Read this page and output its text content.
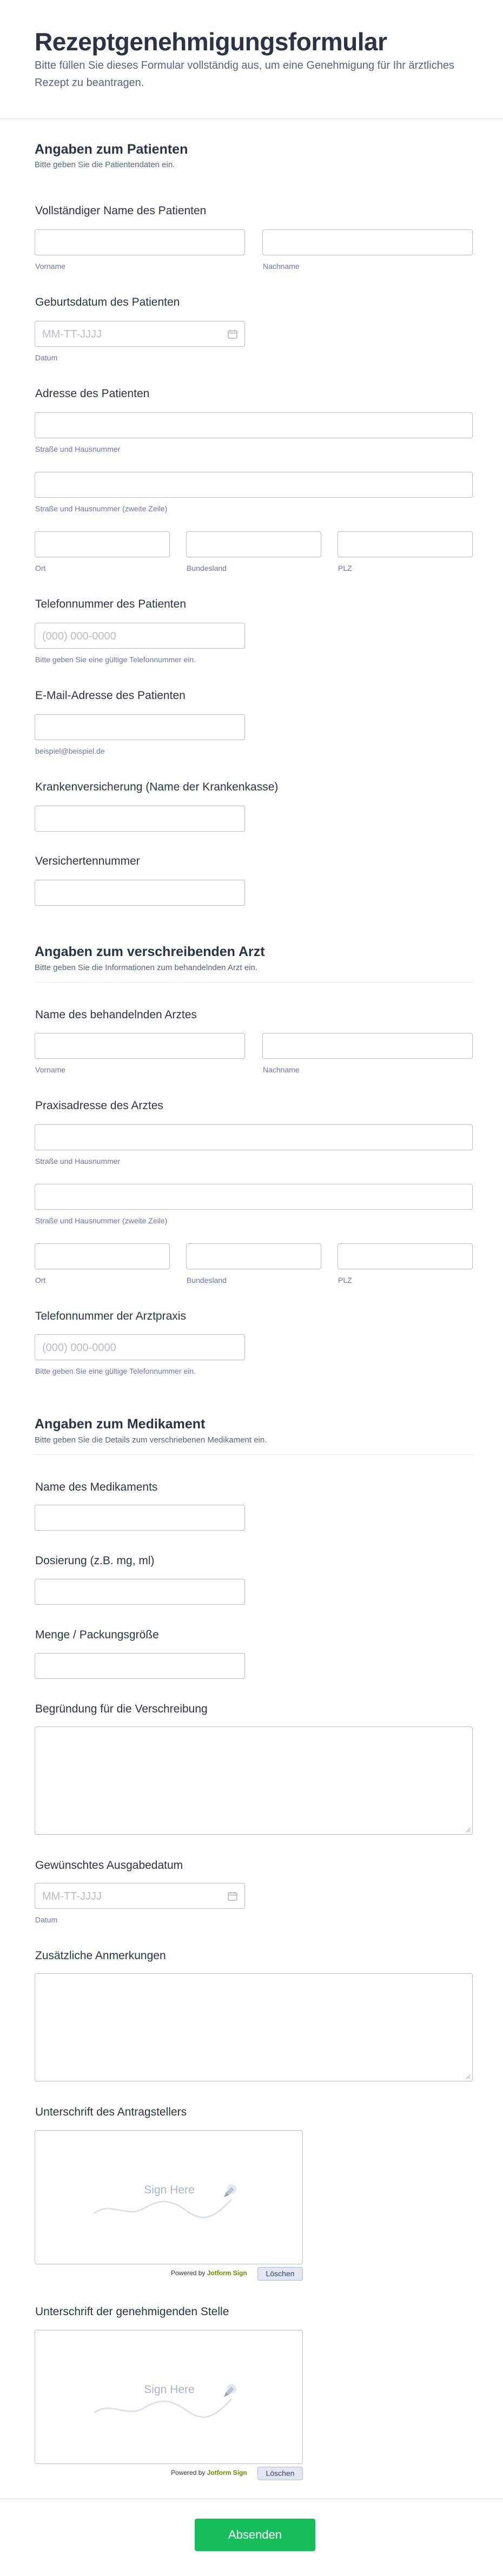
Rezeptgenehmigungsformular
Bitte füllen Sie dieses Formular vollständig aus, um eine Genehmigung für Ihr ärztliches Rezept zu beantragen.
Angaben zum Patienten
Bitte geben Sie die Patientendaten ein.
Vollständiger Name des Patienten
Vorname	Nachname
Geburtsdatum des Patienten
MM-TT-JJJJ
Datum
Adresse des Patienten
Straße und Hausnummer
Straße und Hausnummer (zweite Zeile)
Ort	Bundesland	PLZ
Telefonnummer des Patienten
(000) 000-0000
Bitte geben Sie eine gültige Telefonnummer ein.
E-Mail-Adresse des Patienten
beispiel@beispiel.de
Krankenversicherung (Name der Krankenkasse)
Versichertennummer
Angaben zum verschreibenden Arzt
Bitte geben Sie die Informationen zum behandelnden Arzt ein.
Name des behandelnden Arztes
Vorname	Nachname
Praxisadresse des Arztes
Straße und Hausnummer
Straße und Hausnummer (zweite Zeile)
Ort	Bundesland	PLZ
Telefonnummer der Arztpraxis
(000) 000-0000
Bitte geben Sie eine gültige Telefonnummer ein.
Angaben zum Medikament
Bitte geben Sie die Details zum verschriebenen Medikament ein.
Name des Medikaments
Dosierung (z.B. mg, ml)
Menge / Packungsgröße
Begründung für die Verschreibung
Gewünschtes Ausgabedatum
MM-TT-JJJJ
Datum
Zusätzliche Anmerkungen
Unterschrift des Antragstellers
Sign Here
Powered by Jotform Sign	Löschen
Unterschrift der genehmigenden Stelle
Sign Here
Powered by Jotform Sign	Löschen
Absenden
